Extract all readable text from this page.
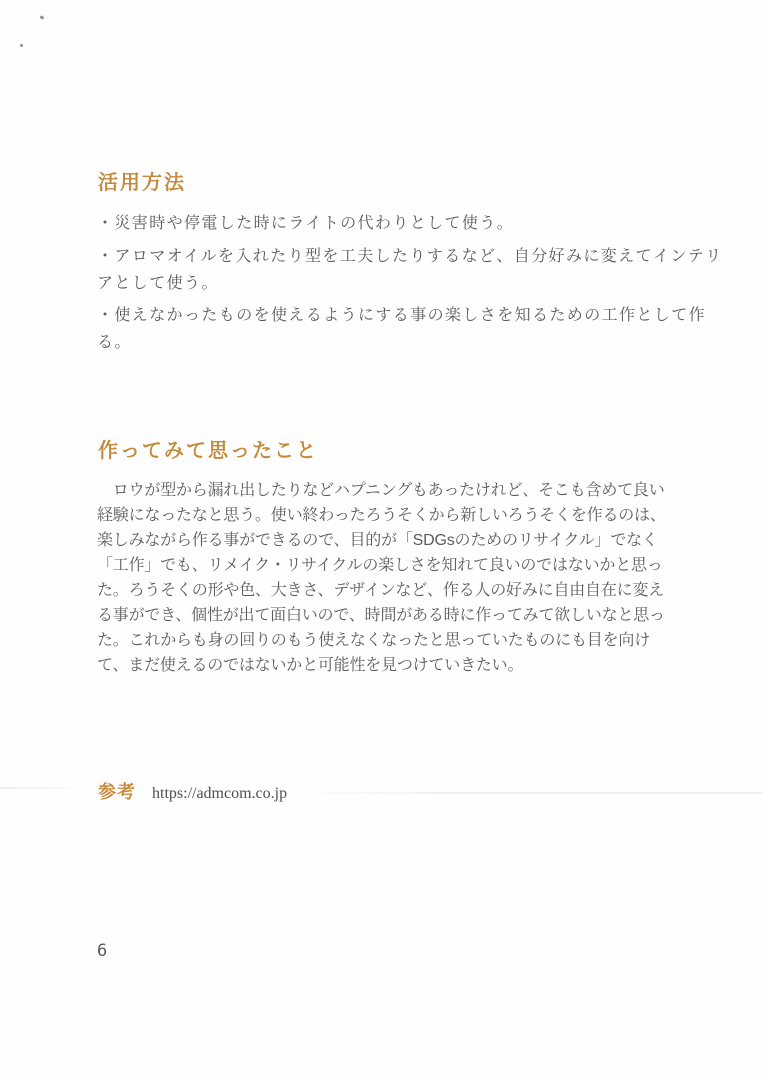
活用方法
・災害時や停電した時にライトの代わりとして使う。
・アロマオイルを入れたり型を工夫したりするなど、自分好みに変えてインテリ
アとして使う。
・使えなかったものを使えるようにする事の楽しさを知るための工作として作
る。
作ってみて思ったこと
　ロウが型から漏れ出したりなどハプニングもあったけれど、そこも含めて良い
経験になったなと思う。使い終わったろうそくから新しいろうそくを作るのは、
楽しみながら作る事ができるので、目的が「SDGsのためのリサイクル」でなく
「工作」でも、リメイク・リサイクルの楽しさを知れて良いのではないかと思っ
た。ろうそくの形や色、大きさ、デザインなど、作る人の好みに自由自在に変え
る事ができ、個性が出て面白いので、時間がある時に作ってみて欲しいなと思っ
た。これからも身の回りのもう使えなくなったと思っていたものにも目を向け
て、まだ使えるのではないかと可能性を見つけていきたい。
参考 https://admcom.co.jp
6
